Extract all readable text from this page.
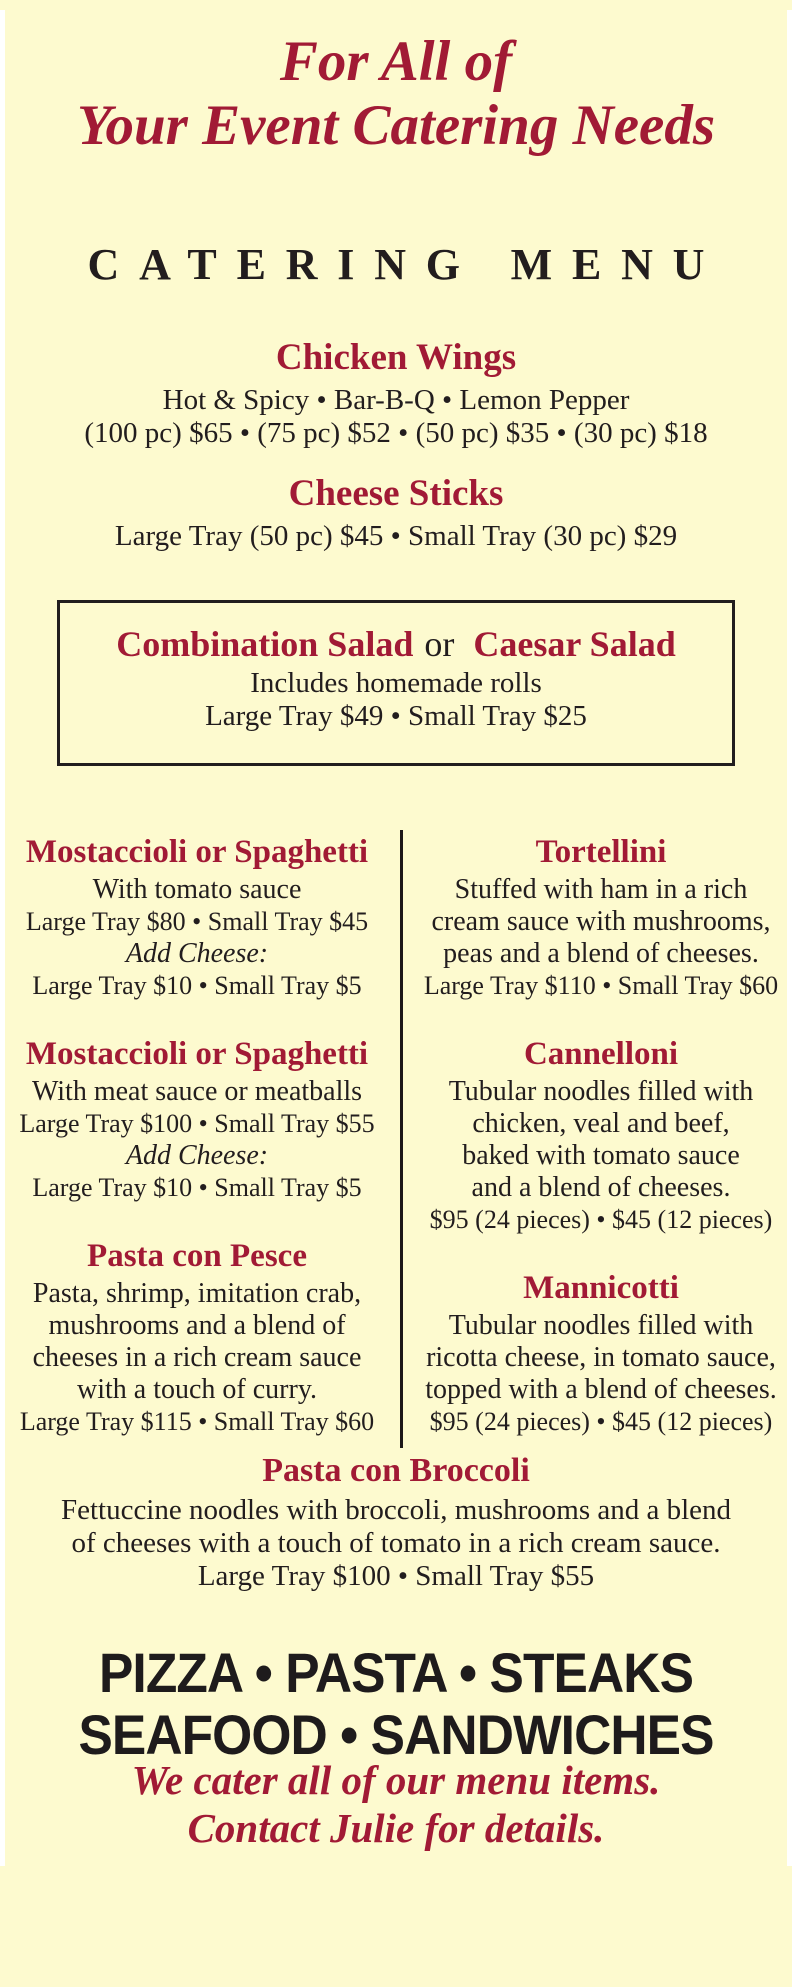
For All of
Your Event Catering Needs
CATERING MENU
Chicken Wings

Hot & Spicy • Bar-B-Q • Lemon Pepper

(100 pc) $65 • (75 pc) $52 • (50 pc) $35 • (30 pc) $18

Cheese Sticks

Large Tray (50 pc) $45 • Small Tray (30 pc) $29

Combination Salad or Caesar Salad

Includes homemade rolls

Large Tray $49 • Small Tray $25

Mostaccioli or Spaghetti

With tomato sauce

Large Tray $80 • Small Tray $45

Add Cheese:

Large Tray $10 • Small Tray $5

Mostaccioli or Spaghetti

With meat sauce or meatballs

Large Tray $100 • Small Tray $55

Add Cheese:

Large Tray $10 • Small Tray $5

Pasta con Pesce

Pasta, shrimp, imitation crab,
mushrooms and a blend of
cheeses in a rich cream sauce
with a touch of curry.

Large Tray $115 • Small Tray $60

Tortellini

Stuffed with ham in a rich
cream sauce with mushrooms,
peas and a blend of cheeses.

Large Tray $110 • Small Tray $60

Cannelloni

Tubular noodles filled with
chicken, veal and beef,
baked with tomato sauce
and a blend of cheeses.

$95 (24 pieces) • $45 (12 pieces)

Mannicotti

Tubular noodles filled with
ricotta cheese, in tomato sauce,
topped with a blend of cheeses.

$95 (24 pieces) • $45 (12 pieces)

Pasta con Broccoli

Fettuccine noodles with broccoli, mushrooms and a blend
of cheeses with a touch of tomato in a rich cream sauce.

Large Tray $100 • Small Tray $55

PIZZA • PASTA • STEAKS
SEAFOOD • SANDWICHES
We cater all of our menu items.
Contact Julie for details.
